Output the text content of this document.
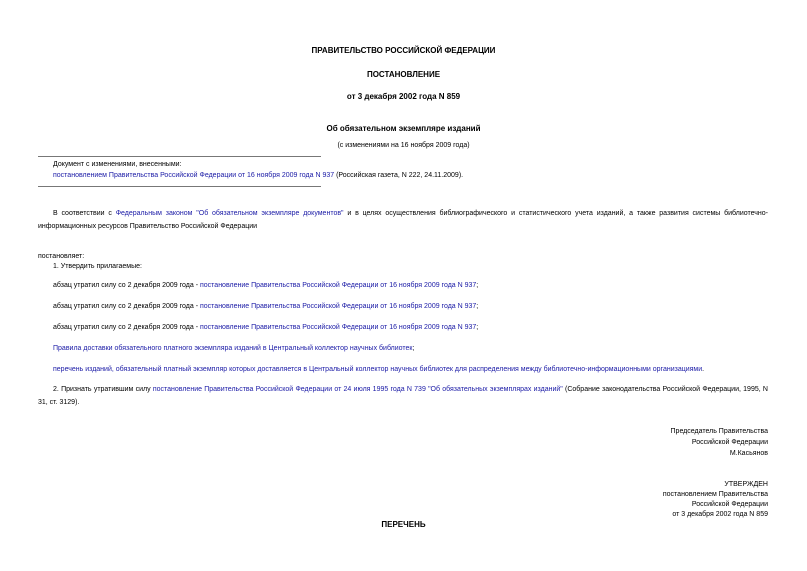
ПРАВИТЕЛЬСТВО РОССИЙСКОЙ ФЕДЕРАЦИИ
ПОСТАНОВЛЕНИЕ
от 3 декабря 2002 года N 859
Об обязательном экземпляре изданий
(с изменениями на 16 ноября 2009 года)
Документ с изменениями, внесенными:
постановлением Правительства Российской Федерации от 16 ноября 2009 года N 937 (Российская газета, N 222, 24.11.2009).
В соответствии с Федеральным законом "Об обязательном экземпляре документов" и в целях осуществления библиографического и статистического учета изданий, а также развития системы библиотечно-информационных ресурсов Правительство Российской Федерации
постановляет:
1. Утвердить прилагаемые:
абзац утратил силу со 2 декабря 2009 года - постановление Правительства Российской Федерации от 16 ноября 2009 года N 937;
абзац утратил силу со 2 декабря 2009 года - постановление Правительства Российской Федерации от 16 ноября 2009 года N 937;
абзац утратил силу со 2 декабря 2009 года - постановление Правительства Российской Федерации от 16 ноября 2009 года N 937;
Правила доставки обязательного платного экземпляра изданий в Центральный коллектор научных библиотек;
перечень изданий, обязательный платный экземпляр которых доставляется в Центральный коллектор научных библиотек для распределения между библиотечно-информационными организациями.
2. Признать утратившим силу постановление Правительства Российской Федерации от 24 июля 1995 года N 739 "Об обязательных экземплярах изданий" (Собрание законодательства Российской Федерации, 1995, N 31, ст. 3129).
Председатель Правительства
Российской Федерации
М.Касьянов
УТВЕРЖДЕН
постановлением Правительства
Российской Федерации
от 3 декабря 2002 года N 859
ПЕРЕЧЕНЬ
